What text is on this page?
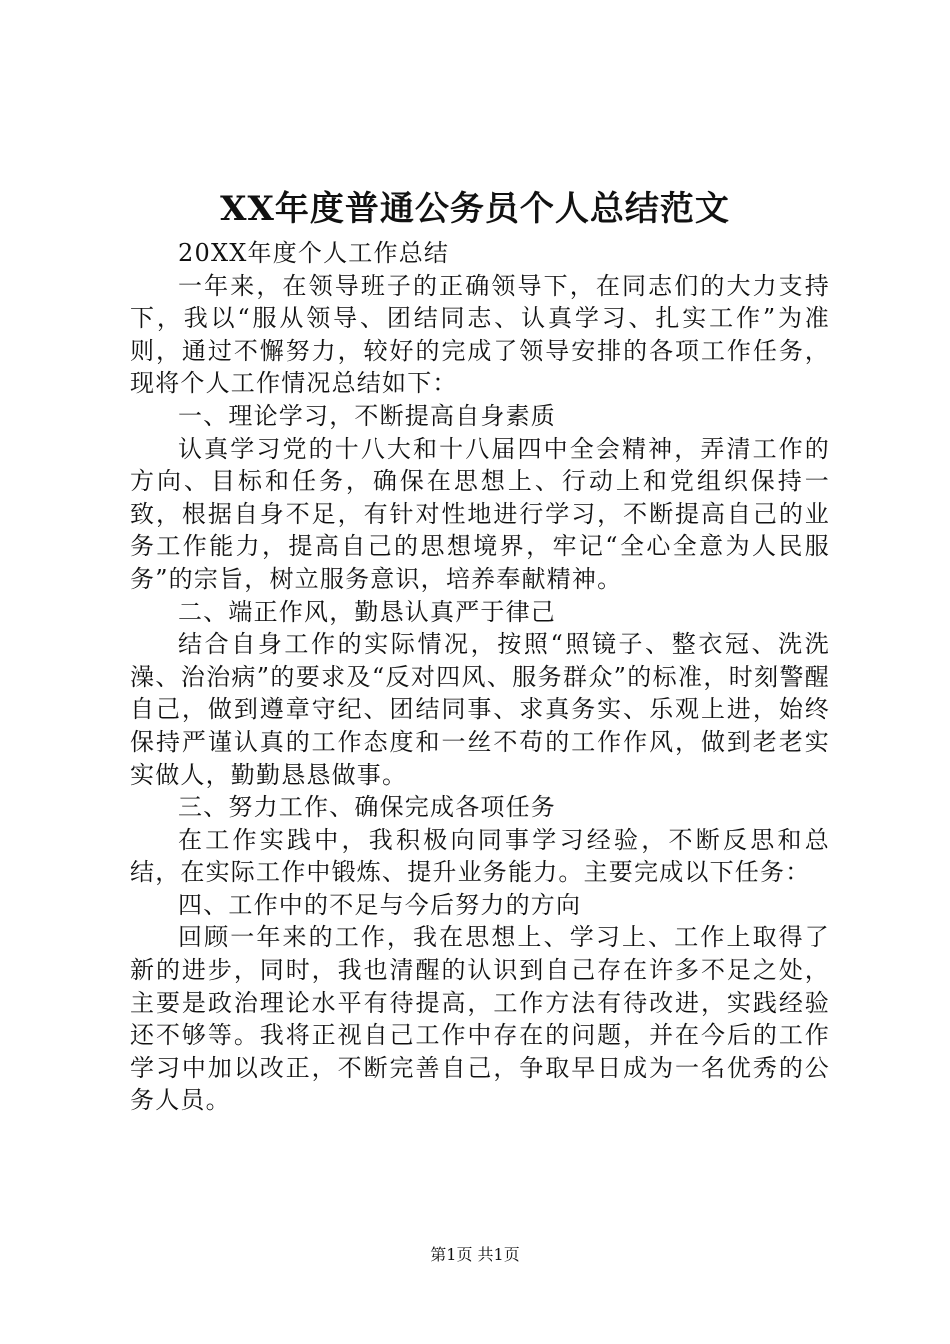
XX年度普通公务员个人总结范文

20XX年度个人工作总结

一年来，在领导班子的正确领导下，在同志们的大力支持下，我以“服从领导、团结同志、认真学习、扎实工作”为准则，通过不懈努力，较好的完成了领导安排的各项工作任务，现将个人工作情况总结如下：

一、理论学习，不断提高自身素质

认真学习党的十八大和十八届四中全会精神，弄清工作的方向、目标和任务，确保在思想上、行动上和党组织保持一致，根据自身不足，有针对性地进行学习，不断提高自己的业务工作能力，提高自己的思想境界，牢记“全心全意为人民服务”的宗旨，树立服务意识，培养奉献精神。

二、端正作风，勤恳认真严于律己

结合自身工作的实际情况，按照“照镜子、整衣冠、洗洗澡、治治病”的要求及“反对四风、服务群众”的标准，时刻警醒自己，做到遵章守纪、团结同事、求真务实、乐观上进，始终保持严谨认真的工作态度和一丝不苟的工作作风，做到老老实实做人，勤勤恳恳做事。

三、努力工作、确保完成各项任务

在工作实践中，我积极向同事学习经验，不断反思和总结，在实际工作中锻炼、提升业务能力。主要完成以下任务：

四、工作中的不足与今后努力的方向

回顾一年来的工作，我在思想上、学习上、工作上取得了新的进步，同时，我也清醒的认识到自己存在许多不足之处，主要是政治理论水平有待提高，工作方法有待改进，实践经验还不够等。我将正视自己工作中存在的问题，并在今后的工作学习中加以改正，不断完善自己，争取早日成为一名优秀的公务人员。

第1页 共1页
